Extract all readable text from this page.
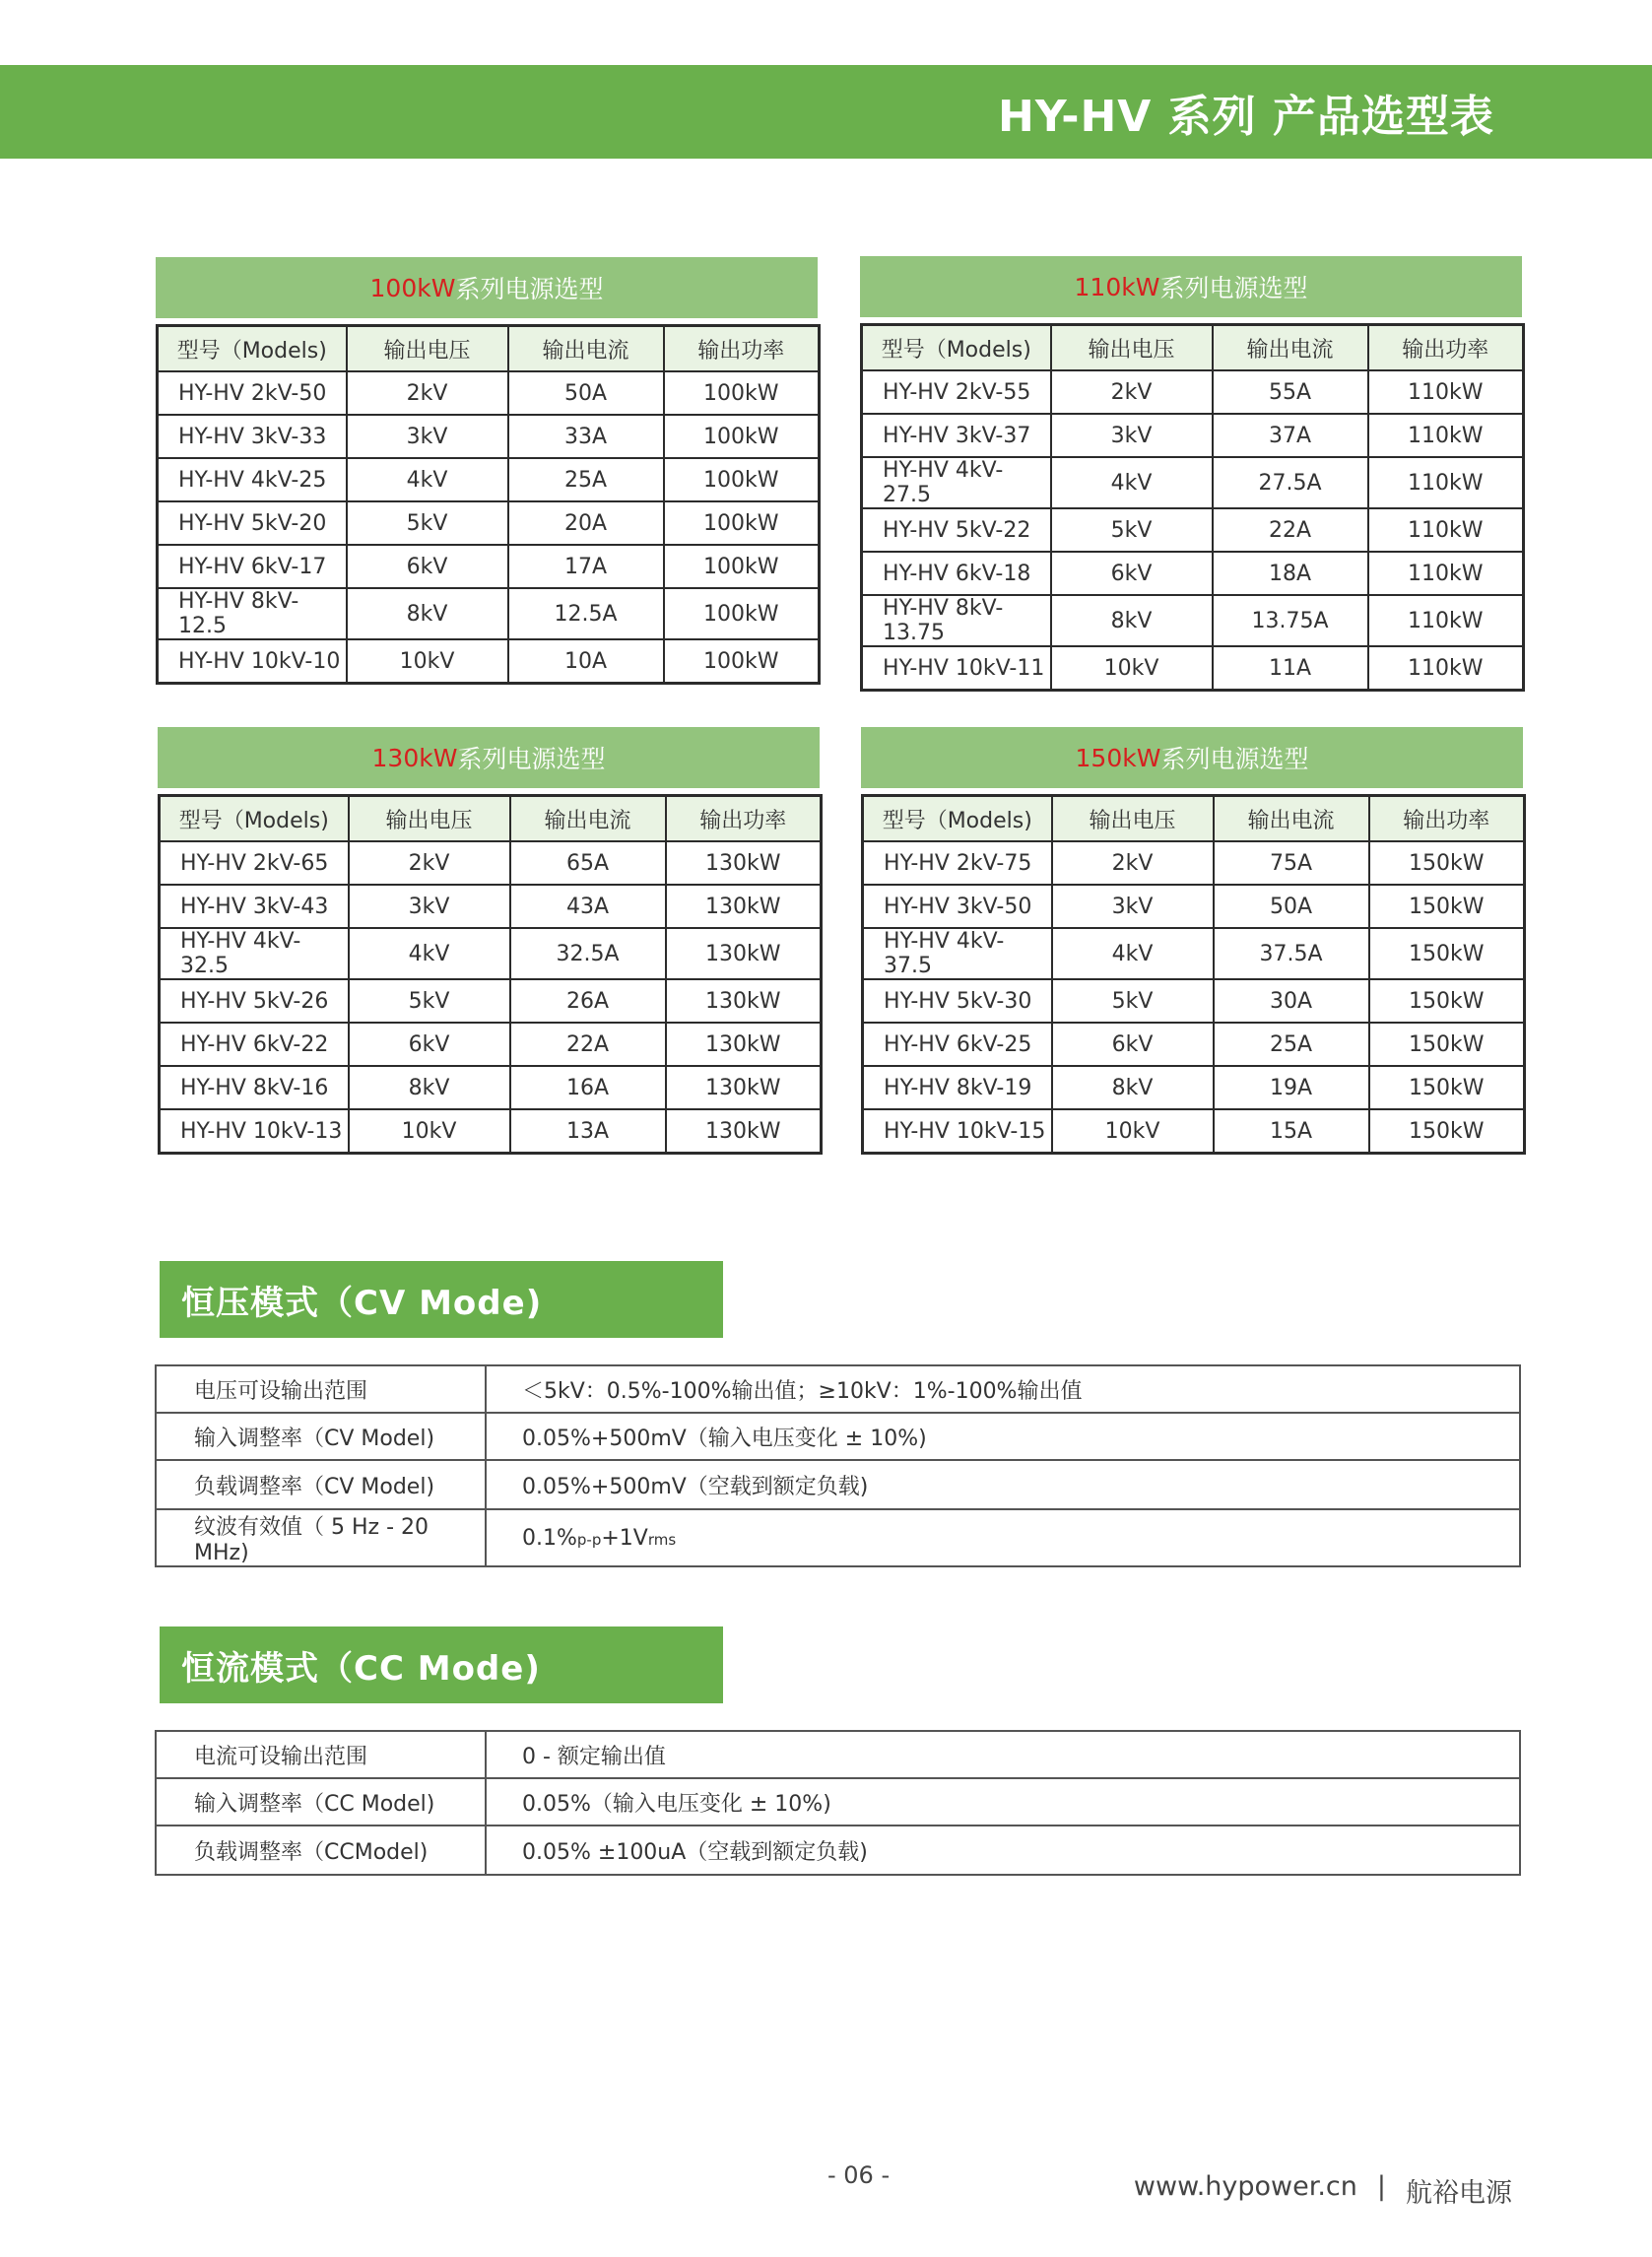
HY-HV 系列 产品选型表
100kW 系列电源选型
型号（Models)	输出电压	输出电流	输出功率
HY-HV 2kV-50	2kV	50A	100kW
HY-HV 3kV-33	3kV	33A	100kW
HY-HV 4kV-25	4kV	25A	100kW
HY-HV 5kV-20	5kV	20A	100kW
HY-HV 6kV-17	6kV	17A	100kW
HY-HV 8kV-12.5	8kV	12.5A	100kW
HY-HV 10kV-10	10kV	10A	100kW
110kW 系列电源选型
型号（Models)	输出电压	输出电流	输出功率
HY-HV 2kV-55	2kV	55A	110kW
HY-HV 3kV-37	3kV	37A	110kW
HY-HV 4kV-27.5	4kV	27.5A	110kW
HY-HV 5kV-22	5kV	22A	110kW
HY-HV 6kV-18	6kV	18A	110kW
HY-HV 8kV-13.75	8kV	13.75A	110kW
HY-HV 10kV-11	10kV	11A	110kW
130kW 系列电源选型
型号（Models)	输出电压	输出电流	输出功率
HY-HV 2kV-65	2kV	65A	130kW
HY-HV 3kV-43	3kV	43A	130kW
HY-HV 4kV-32.5	4kV	32.5A	130kW
HY-HV 5kV-26	5kV	26A	130kW
HY-HV 6kV-22	6kV	22A	130kW
HY-HV 8kV-16	8kV	16A	130kW
HY-HV 10kV-13	10kV	13A	130kW
150kW 系列电源选型
型号（Models)	输出电压	输出电流	输出功率
HY-HV 2kV-75	2kV	75A	150kW
HY-HV 3kV-50	3kV	50A	150kW
HY-HV 4kV-37.5	4kV	37.5A	150kW
HY-HV 5kV-30	5kV	30A	150kW
HY-HV 6kV-25	6kV	25A	150kW
HY-HV 8kV-19	8kV	19A	150kW
HY-HV 10kV-15	10kV	15A	150kW
恒压模式（CV Mode)
电压可设输出范围	＜5kV：0.5%-100%输出值；≥10kV：1%-100%输出值
输入调整率（CV Model)	0.05%+500mV（输入电压变化 ± 10%)
负载调整率（CV Model)	0.05%+500mV（空载到额定负载)
纹波有效值（ 5 Hz - 20 MHz)	0.1%p-p+1Vrms
恒流模式（CC Mode)
电流可设输出范围	0 - 额定输出值
输入调整率（CC Model)	0.05%（输入电压变化 ± 10%)
负载调整率（CCModel)	0.05% ±100uA（空载到额定负载)
- 06 -	www.hypower.cn | 航裕电源
